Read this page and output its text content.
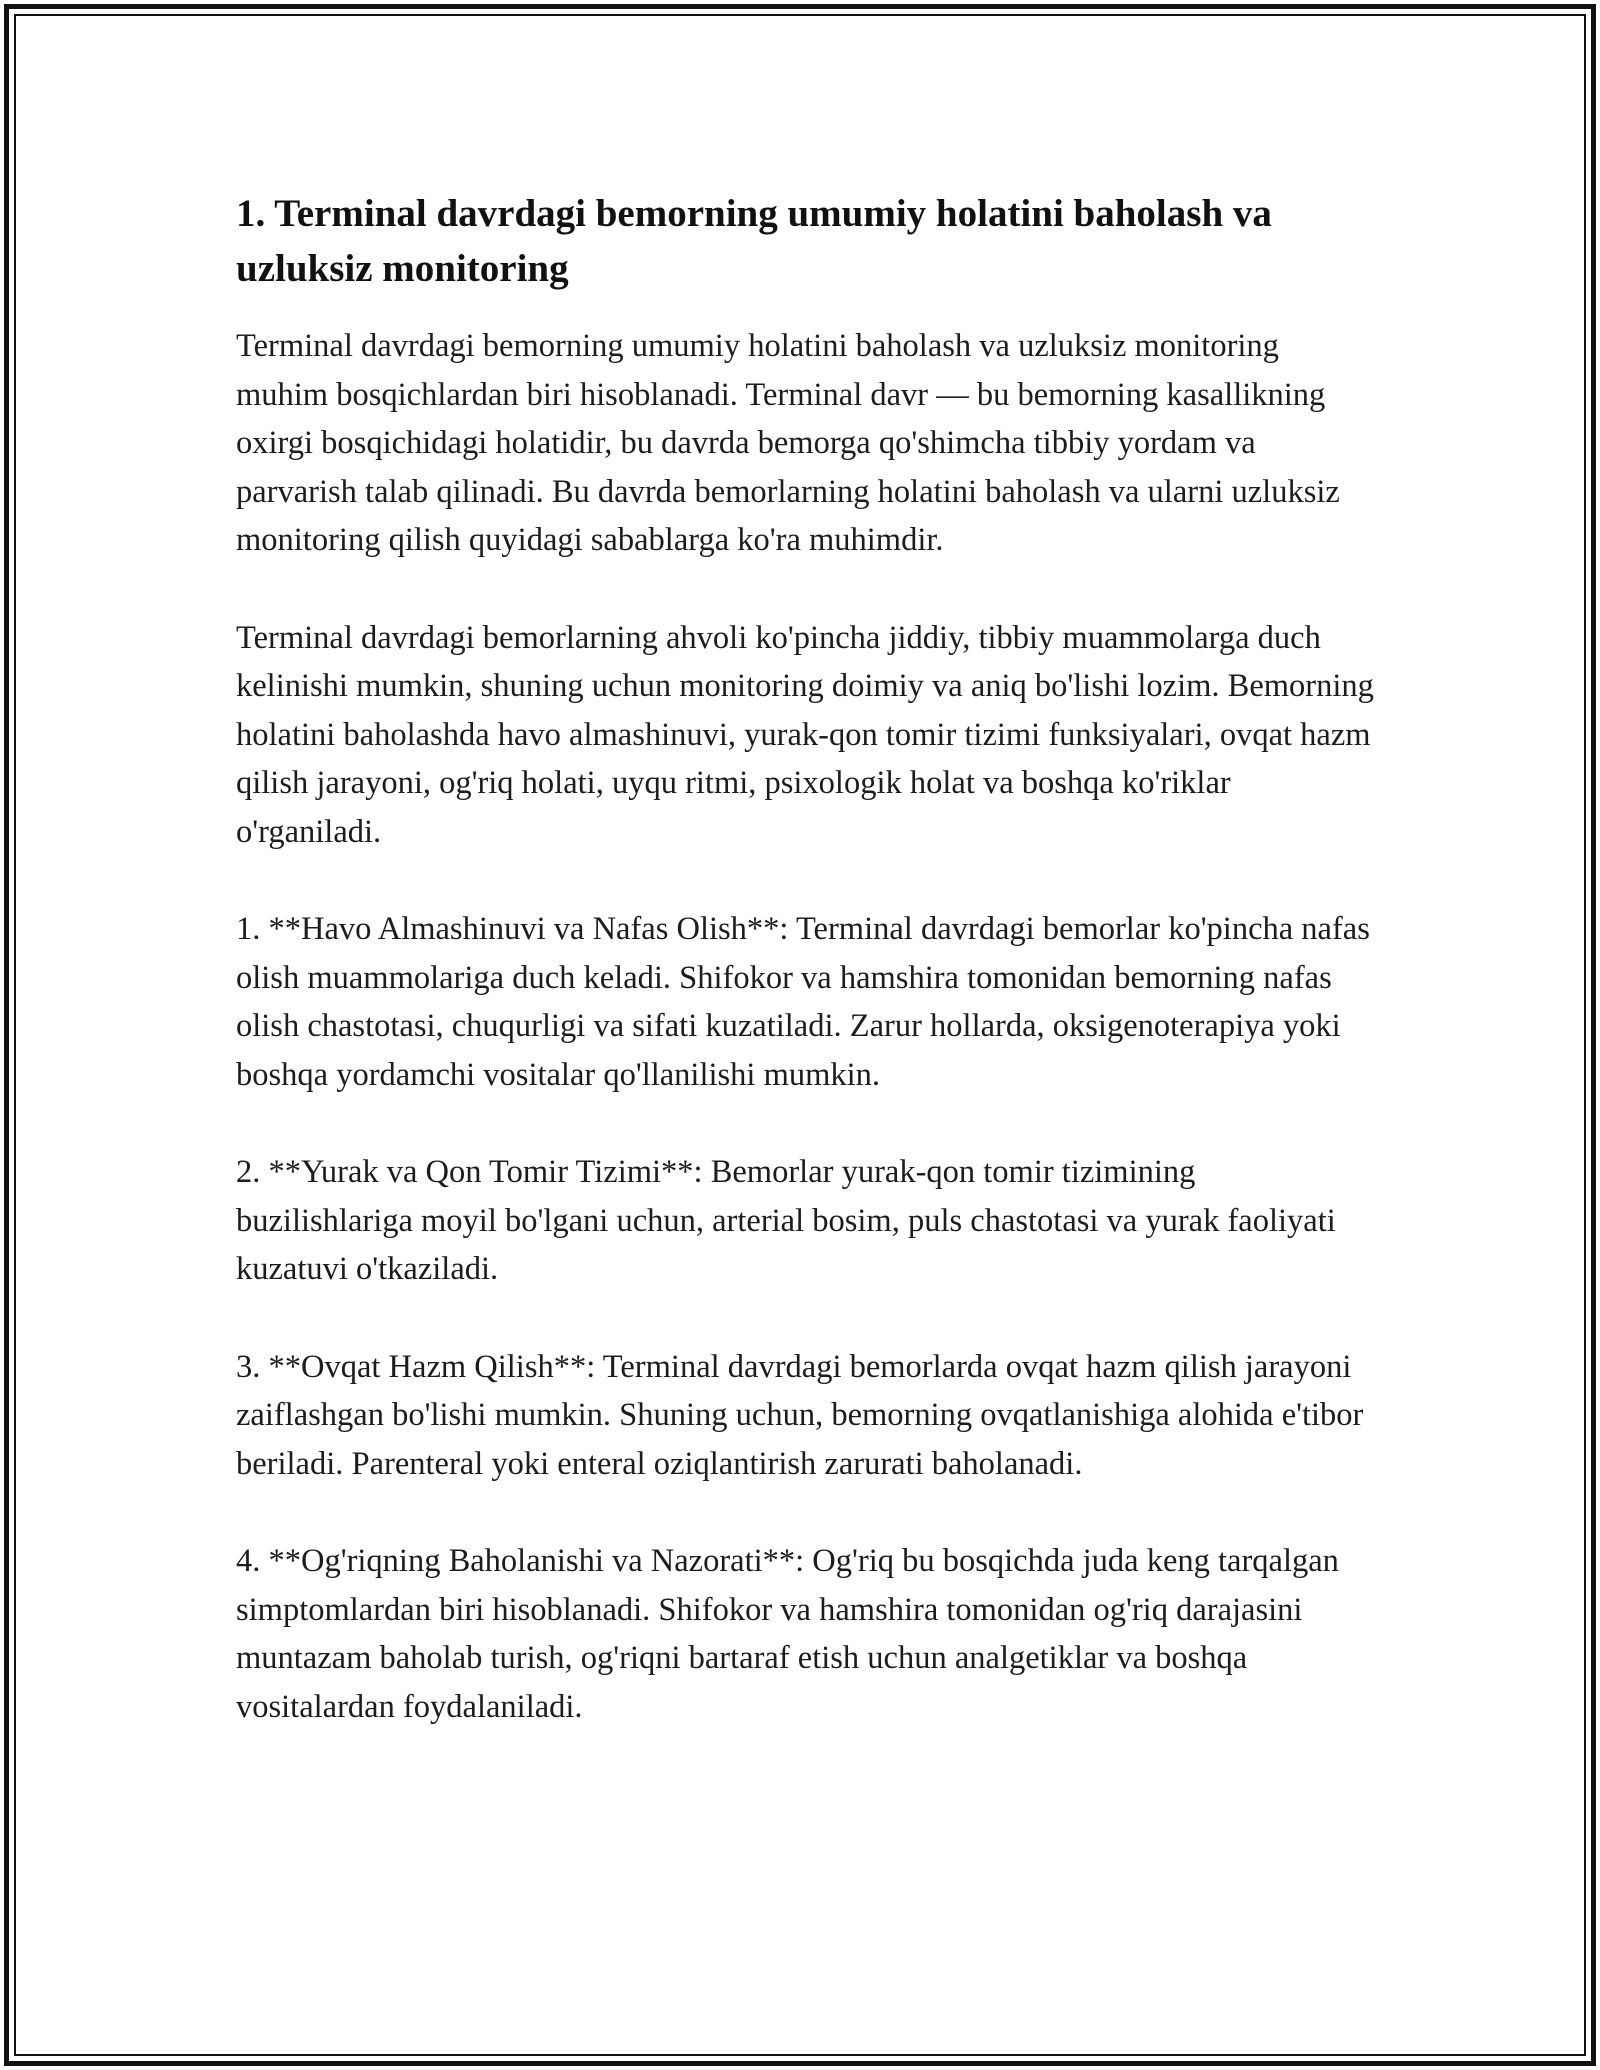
1. Terminal davrdagi bemorning umumiy holatini baholash va uzluksiz monitoring

Terminal davrdagi bemorning umumiy holatini baholash va uzluksiz monitoring muhim bosqichlardan biri hisoblanadi. Terminal davr — bu bemorning kasallikning oxirgi bosqichidagi holatidir, bu davrda bemorga qo'shimcha tibbiy yordam va parvarish talab qilinadi. Bu davrda bemorlarning holatini baholash va ularni uzluksiz monitoring qilish quyidagi sabablarga ko'ra muhimdir.

Terminal davrdagi bemorlarning ahvoli ko'pincha jiddiy, tibbiy muammolarga duch kelinishi mumkin, shuning uchun monitoring doimiy va aniq bo'lishi lozim. Bemorning holatini baholashda havo almashinuvi, yurak-qon tomir tizimi funksiyalari, ovqat hazm qilish jarayoni, og'riq holati, uyqu ritmi, psixologik holat va boshqa ko'riklar o'rganiladi.

1. **Havo Almashinuvi va Nafas Olish**: Terminal davrdagi bemorlar ko'pincha nafas olish muammolariga duch keladi. Shifokor va hamshira tomonidan bemorning nafas olish chastotasi, chuqurligi va sifati kuzatiladi. Zarur hollarda, oksigenoterapiya yoki boshqa yordamchi vositalar qo'llanilishi mumkin.

2. **Yurak va Qon Tomir Tizimi**: Bemorlar yurak-qon tomir tizimining buzilishlariga moyil bo'lgani uchun, arterial bosim, puls chastotasi va yurak faoliyati kuzatuvi o'tkaziladi.

3. **Ovqat Hazm Qilish**: Terminal davrdagi bemorlarda ovqat hazm qilish jarayoni zaiflashgan bo'lishi mumkin. Shuning uchun, bemorning ovqatlanishiga alohida e'tibor beriladi. Parenteral yoki enteral oziqlantirish zarurati baholanadi.

4. **Og'riqning Baholanishi va Nazorati**: Og'riq bu bosqichda juda keng tarqalgan simptomlardan biri hisoblanadi. Shifokor va hamshira tomonidan og'riq darajasini muntazam baholab turish, og'riqni bartaraf etish uchun analgetiklar va boshqa vositalardan foydalaniladi.
